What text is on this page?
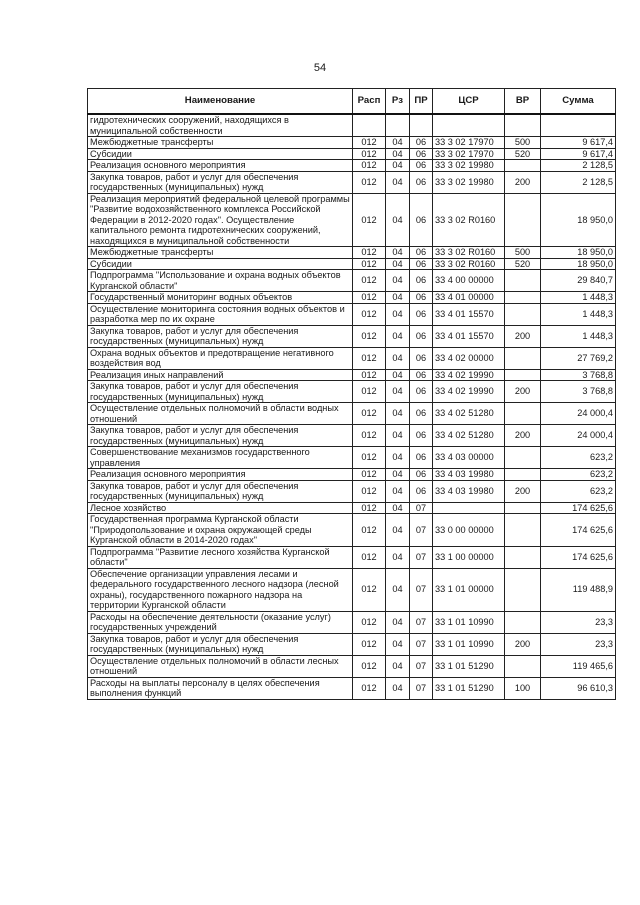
54
Наименование	Расп	Рз	ПР	ЦСР	ВР	Сумма
гидротехнических сооружений, находящихся в муниципальной собственности						
Межбюджетные трансферты	012	04	06	33 3 02 17970	500	9 617,4
Субсидии	012	04	06	33 3 02 17970	520	9 617,4
Реализация основного мероприятия	012	04	06	33 3 02 19980		2 128,5
Закупка товаров, работ и услуг для обеспечения государственных (муниципальных) нужд	012	04	06	33 3 02 19980	200	2 128,5
Реализация мероприятий федеральной целевой программы "Развитие водохозяйственного комплекса Российской Федерации в 2012-2020 годах". Осуществление капитального ремонта гидротехнических сооружений, находящихся в муниципальной собственности	012	04	06	33 3 02 R0160		18 950,0
Межбюджетные трансферты	012	04	06	33 3 02 R0160	500	18 950,0
Субсидии	012	04	06	33 3 02 R0160	520	18 950,0
Подпрограмма "Использование и охрана водных объектов Курганской области"	012	04	06	33 4 00 00000		29 840,7
Государственный мониторинг водных объектов	012	04	06	33 4 01 00000		1 448,3
Осуществление мониторинга состояния водных объектов и разработка мер по их охране	012	04	06	33 4 01 15570		1 448,3
Закупка товаров, работ и услуг для обеспечения государственных (муниципальных) нужд	012	04	06	33 4 01 15570	200	1 448,3
Охрана водных объектов и предотвращение негативного воздействия вод	012	04	06	33 4 02 00000		27 769,2
Реализация иных направлений	012	04	06	33 4 02 19990		3 768,8
Закупка товаров, работ и услуг для обеспечения государственных (муниципальных) нужд	012	04	06	33 4 02 19990	200	3 768,8
Осуществление отдельных полномочий в области водных отношений	012	04	06	33 4 02 51280		24 000,4
Закупка товаров, работ и услуг для обеспечения государственных (муниципальных) нужд	012	04	06	33 4 02 51280	200	24 000,4
Совершенствование механизмов государственного управления	012	04	06	33 4 03 00000		623,2
Реализация основного мероприятия	012	04	06	33 4 03 19980		623,2
Закупка товаров, работ и услуг для обеспечения государственных (муниципальных) нужд	012	04	06	33 4 03 19980	200	623,2
Лесное хозяйство	012	04	07			174 625,6
Государственная программа Курганской области "Природопользование и охрана окружающей среды Курганской области в 2014-2020 годах"	012	04	07	33 0 00 00000		174 625,6
Подпрограмма "Развитие лесного хозяйства Курганской области"	012	04	07	33 1 00 00000		174 625,6
Обеспечение организации управления лесами и федерального государственного лесного надзора (лесной охраны), государственного пожарного надзора на территории Курганской области	012	04	07	33 1 01 00000		119 488,9
Расходы на обеспечение деятельности (оказание услуг) государственных учреждений	012	04	07	33 1 01 10990		23,3
Закупка товаров, работ и услуг для обеспечения государственных (муниципальных) нужд	012	04	07	33 1 01 10990	200	23,3
Осуществление отдельных полномочий в области лесных отношений	012	04	07	33 1 01 51290		119 465,6
Расходы на выплаты персоналу в целях обеспечения выполнения функций	012	04	07	33 1 01 51290	100	96 610,3
